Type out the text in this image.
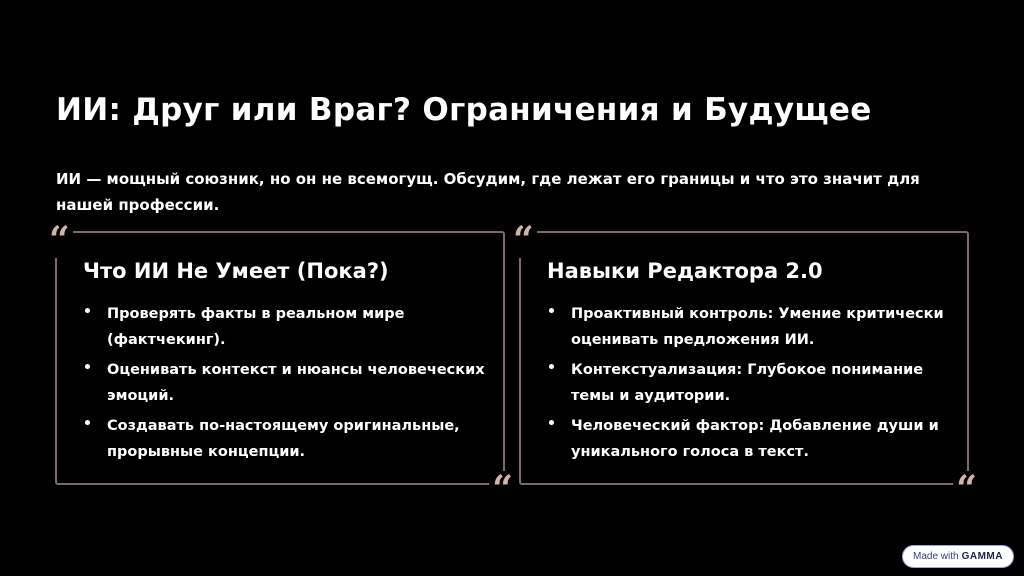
ИИ: Друг или Враг? Ограничения и Будущее

ИИ — мощный союзник, но он не всемогущ. Обсудим, где лежат его границы и что это значит для нашей профессии.

“
Что ИИ Не Умеет (Пока?)
• Проверять факты в реальном мире (фактчекинг).
• Оценивать контекст и нюансы человеческих эмоций.
• Создавать по-настоящему оригинальные, прорывные концепции.
“
“
Навыки Редактора 2.0
• Проактивный контроль: Умение критически оценивать предложения ИИ.
• Контекстуализация: Глубокое понимание темы и аудитории.
• Человеческий фактор: Добавление души и уникального голоса в текст.
“
Made with GAMMA
